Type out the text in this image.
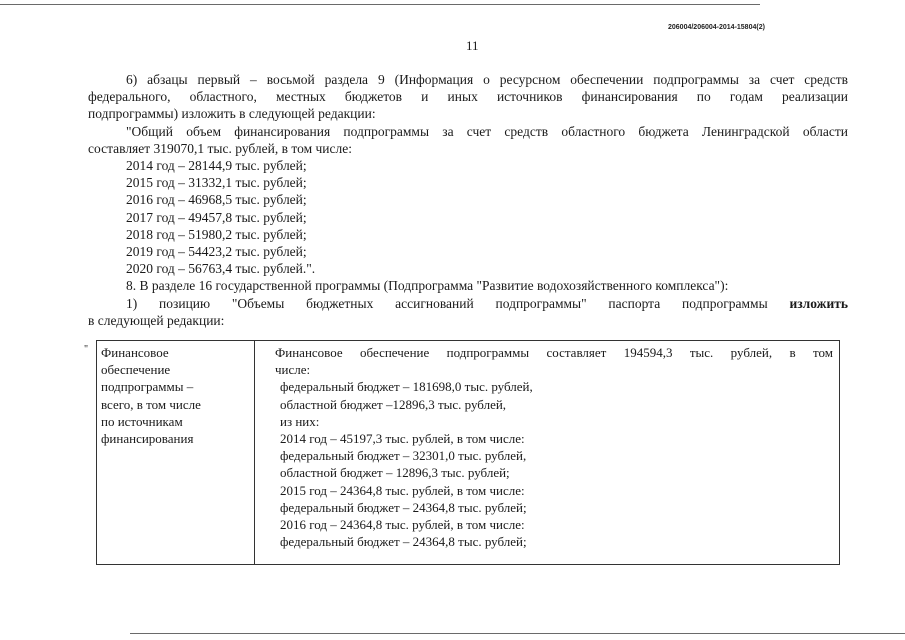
206004/206004-2014-15804(2)
11

6) абзацы первый – восьмой раздела 9 (Информация о ресурсном обеспечении подпрограммы за счет средств

федерального, областного, местных бюджетов и иных источников финансирования по годам реализации

подпрограммы) изложить в следующей редакции:

"Общий объем финансирования подпрограммы за счет средств областного бюджета Ленинградской области

составляет 319070,1 тыс. рублей, в том числе:

2014 год – 28144,9 тыс. рублей;

2015 год – 31332,1 тыс. рублей;

2016 год – 46968,5 тыс. рублей;

2017 год – 49457,8 тыс. рублей;

2018 год – 51980,2 тыс. рублей;

2019 год – 54423,2 тыс. рублей;

2020 год – 56763,4 тыс. рублей.".

8. В разделе 16 государственной программы (Подпрограмма "Развитие водохозяйственного комплекса"):

1) позицию "Объемы бюджетных ассигнований подпрограммы" паспорта подпрограммы изложить

в следующей редакции:

" Финансовое
обеспечение
подпрограммы –
всего, в том числе
по источникам
финансирования
Финансовое обеспечение подпрограммы составляет 194594,3 тыс. рублей, в том
числе:
федеральный бюджет – 181698,0 тыс. рублей,
областной бюджет –12896,3 тыс. рублей,
из них:
2014 год – 45197,3 тыс. рублей, в том числе:
федеральный бюджет – 32301,0 тыс. рублей,
областной бюджет – 12896,3 тыс. рублей;
2015 год – 24364,8 тыс. рублей, в том числе:
федеральный бюджет – 24364,8 тыс. рублей;
2016 год – 24364,8 тыс. рублей, в том числе:
федеральный бюджет – 24364,8 тыс. рублей;
